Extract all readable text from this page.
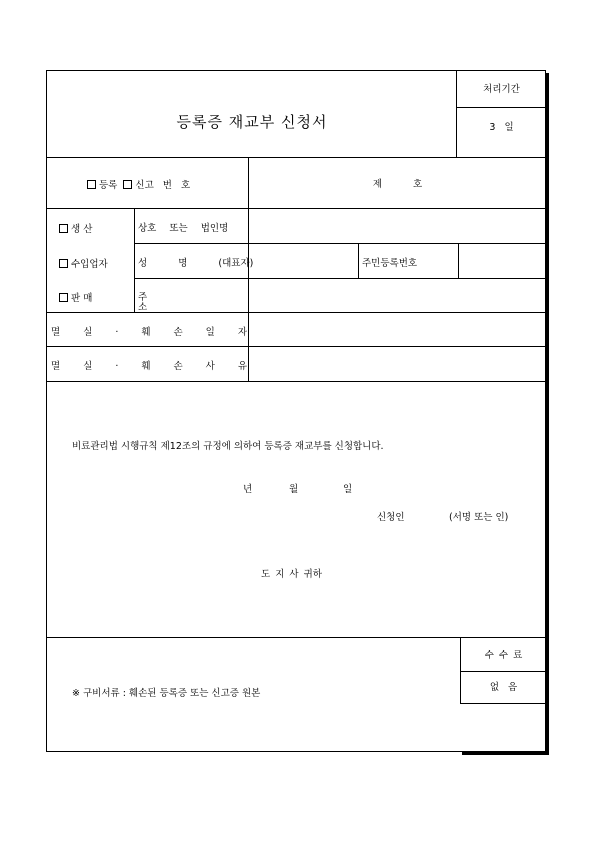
등록증 재교부 신청서
처리기간
3 일
등록 신고 번 호	제 호
생 산	상호 또는 법인명
수입업자	성 명 (대표자)	주민등록번호
판 매	주 소
멸 실 · 훼 손 일 자
멸 실 · 훼 손 사 유
비료관리법 시행규칙 제12조의 규정에 의하여 등록증 재교부를 신청합니다.
년	월	일
신청인	(서명 또는 인)
도 지 사 귀하
※ 구비서류 : 훼손된 등록증 또는 신고증 원본
수 수 료
없 음
